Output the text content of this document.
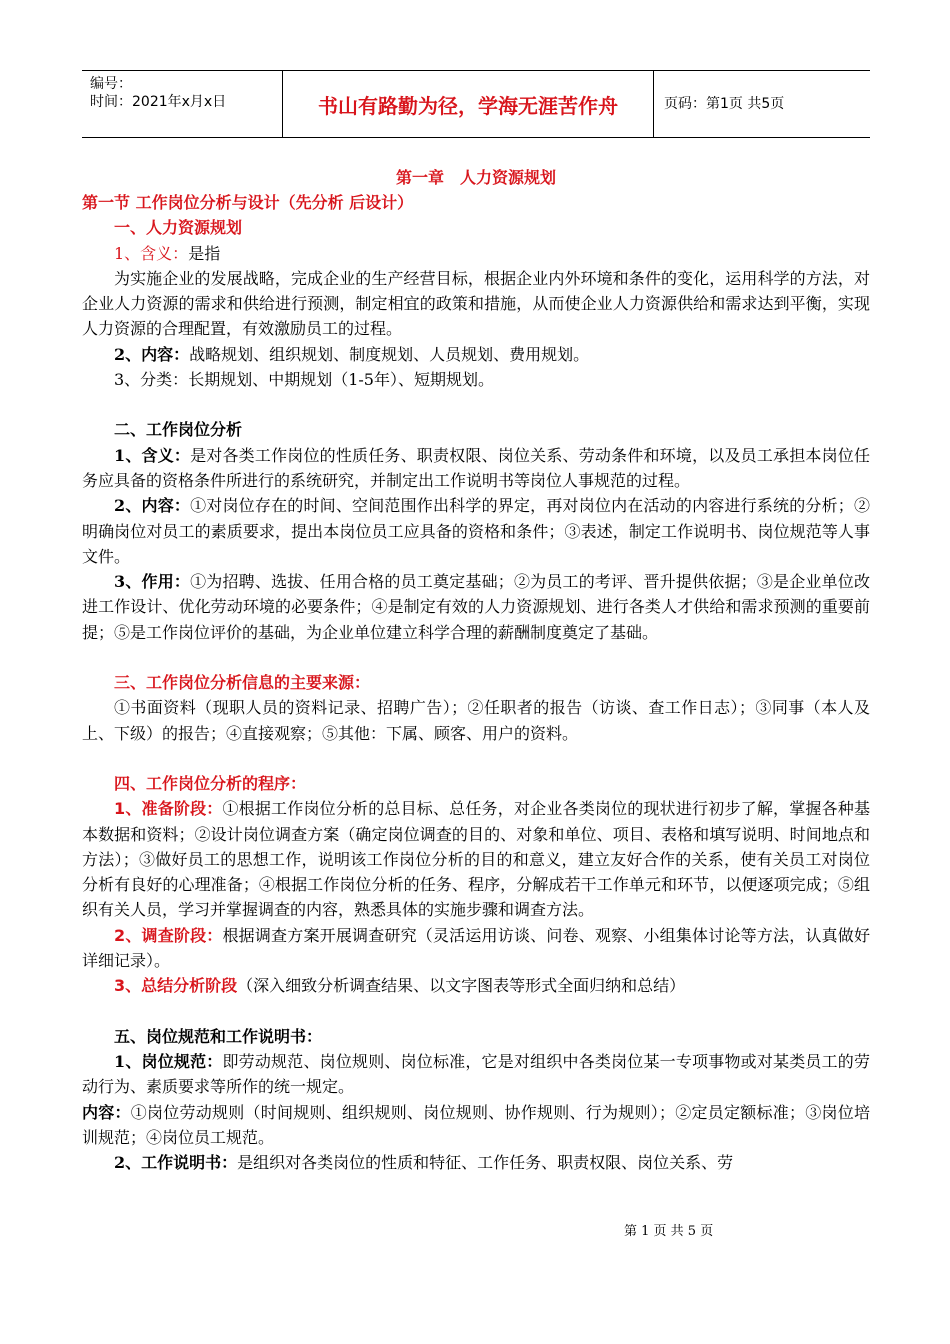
编号：
时间：2021年x月x日	书山有路勤为径，学海无涯苦作舟	页码：第1页 共5页
第一章　人力资源规划

第一节 工作岗位分析与设计（先分析 后设计）

一、人力资源规划

1、含义：是指

为实施企业的发展战略，完成企业的生产经营目标，根据企业内外环境和条件的变化，运用科学的方法，对企业人力资源的需求和供给进行预测，制定相宜的政策和措施，从而使企业人力资源供给和需求达到平衡，实现人力资源的合理配置，有效激励员工的过程。

2、内容：战略规划、组织规划、制度规划、人员规划、费用规划。

3、分类：长期规划、中期规划（1-5年）、短期规划。

二、工作岗位分析

1、含义：是对各类工作岗位的性质任务、职责权限、岗位关系、劳动条件和环境，以及员工承担本岗位任务应具备的资格条件所进行的系统研究，并制定出工作说明书等岗位人事规范的过程。

2、内容：①对岗位存在的时间、空间范围作出科学的界定，再对岗位内在活动的内容进行系统的分析；②明确岗位对员工的素质要求，提出本岗位员工应具备的资格和条件；③表述，制定工作说明书、岗位规范等人事文件。

3、作用：①为招聘、选拔、任用合格的员工奠定基础；②为员工的考评、晋升提供依据；③是企业单位改进工作设计、优化劳动环境的必要条件；④是制定有效的人力资源规划、进行各类人才供给和需求预测的重要前提；⑤是工作岗位评价的基础，为企业单位建立科学合理的薪酬制度奠定了基础。

三、工作岗位分析信息的主要来源：

①书面资料（现职人员的资料记录、招聘广告）；②任职者的报告（访谈、查工作日志）；③同事（本人及上、下级）的报告；④直接观察；⑤其他：下属、顾客、用户的资料。

四、工作岗位分析的程序：

1、准备阶段：①根据工作岗位分析的总目标、总任务，对企业各类岗位的现状进行初步了解，掌握各种基本数据和资料；②设计岗位调查方案（确定岗位调查的目的、对象和单位、项目、表格和填写说明、时间地点和方法）；③做好员工的思想工作，说明该工作岗位分析的目的和意义，建立友好合作的关系，使有关员工对岗位分析有良好的心理准备；④根据工作岗位分析的任务、程序，分解成若干工作单元和环节，以便逐项完成；⑤组织有关人员，学习并掌握调查的内容，熟悉具体的实施步骤和调查方法。

2、调查阶段：根据调查方案开展调查研究（灵活运用访谈、问卷、观察、小组集体讨论等方法，认真做好详细记录）。

3、总结分析阶段（深入细致分析调查结果、以文字图表等形式全面归纳和总结）

五、岗位规范和工作说明书：

1、岗位规范：即劳动规范、岗位规则、岗位标准，它是对组织中各类岗位某一专项事物或对某类员工的劳动行为、素质要求等所作的统一规定。

内容：①岗位劳动规则（时间规则、组织规则、岗位规则、协作规则、行为规则）；②定员定额标准；③岗位培训规范；④岗位员工规范。

2、工作说明书：是组织对各类岗位的性质和特征、工作任务、职责权限、岗位关系、劳

第 1 页 共 5 页
